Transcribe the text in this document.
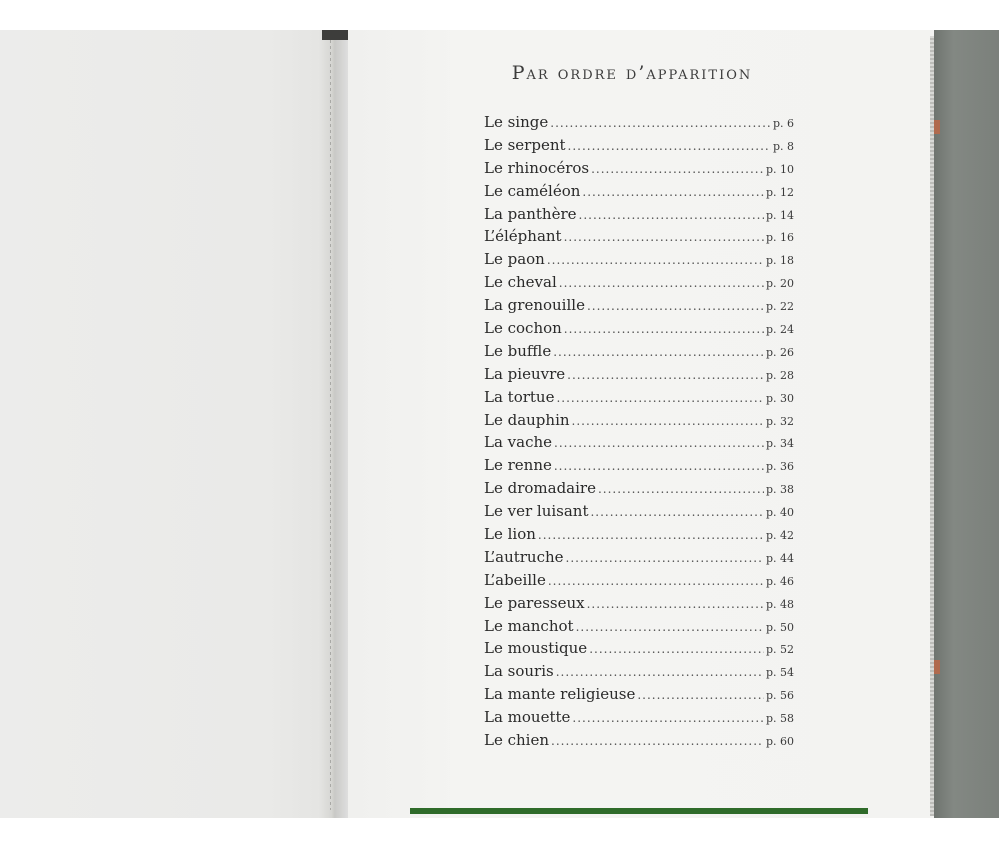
Par ordre d’apparition
Le singe .....	p. 6
Le serpent .....	p. 8
Le rhinocéros .....	p. 10
Le caméléon .....	p. 12
La panthère .....	p. 14
L’éléphant .....	p. 16
Le paon .....	p. 18
Le cheval .....	p. 20
La grenouille .....	p. 22
Le cochon .....	p. 24
Le buffle .....	p. 26
La pieuvre .....	p. 28
La tortue .....	p. 30
Le dauphin .....	p. 32
La vache .....	p. 34
Le renne .....	p. 36
Le dromadaire .....	p. 38
Le ver luisant .....	p. 40
Le lion .....	p. 42
L’autruche .....	p. 44
L’abeille .....	p. 46
Le paresseux .....	p. 48
Le manchot .....	p. 50
Le moustique .....	p. 52
La souris .....	p. 54
La mante religieuse .....	p. 56
La mouette .....	p. 58
Le chien .....	p. 60
